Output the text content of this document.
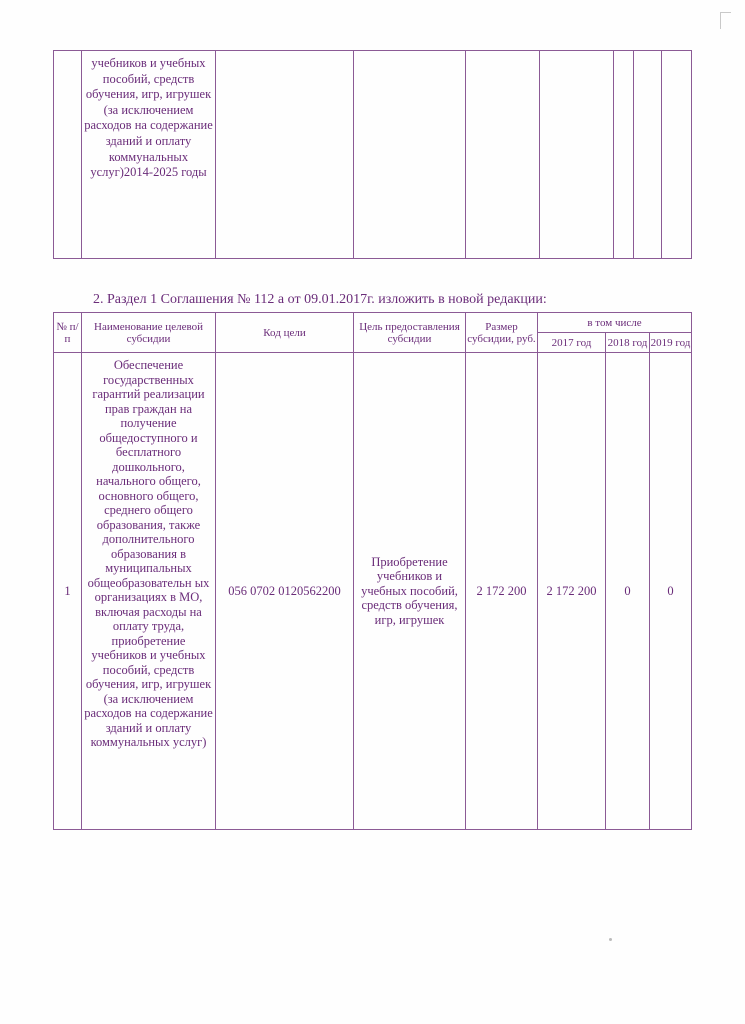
учебников и учебных пособий, средств обучения, игр, игрушек (за исключением расходов на содержание зданий и оплату коммунальных услуг)2014-2025 годы

2. Раздел 1 Соглашения № 112 а от 09.01.2017г. изложить в новой редакции:
№ п/п	Наименование целевой субсидии	Код цели	Цель предоставления субсидии	Размер субсидии, руб.	в том числе		
					2017 год	2018 год	2019 год
1	Обеспечение государственных гарантий реализации прав граждан на получение общедоступного и бесплатного дошкольного, начального общего, основного общего, среднего общего образования, также дополнительного образования в муниципальных общеобразовательн ых организациях в МО, включая расходы на оплату труда, приобретение учебников и учебных пособий, средств обучения, игр, игрушек (за исключением расходов на содержание зданий и оплату коммунальных услуг)	056 0702 0120562200	Приобретение учебников и учебных пособий, средств обучения, игр, игрушек	2 172 200	2 172 200	0	0
